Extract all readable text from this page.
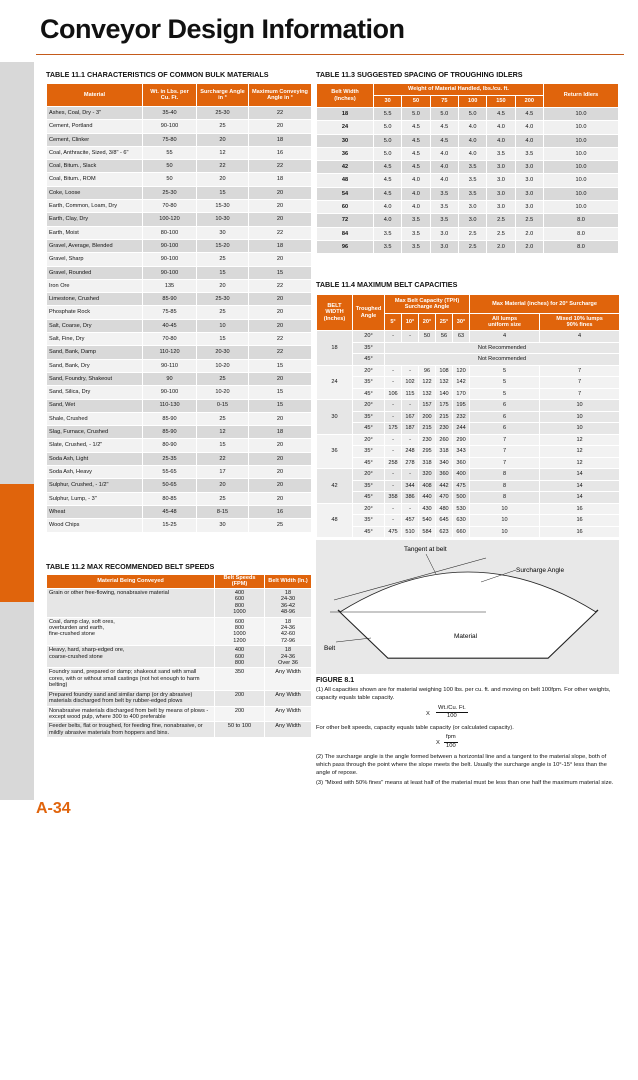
Conveyor Design Information
Conveyor Design
A-34
TABLE 11.1 CHARACTERISTICS OF COMMON BULK MATERIALS
Material	Wt. in Lbs. per Cu. Ft.	Surcharge Angle in °	Maximum Conveying Angle in °
Ashes, Coal, Dry - 3"	35-40	25-30	22
Cement, Portland	90-100	25	20
Cement, Clinker	75-80	20	18
Coal, Anthracite, Sized, 3/8" - 6"	55	12	16
Coal, Bitum., Slack	50	22	22
Coal, Bitum., ROM	50	20	18
Coke, Loose	25-30	15	20
Earth, Common, Loam, Dry	70-80	15-30	20
Earth, Clay, Dry	100-120	10-30	20
Earth, Moist	80-100	30	22
Gravel, Average, Blended	90-100	15-20	18
Gravel, Sharp	90-100	25	20
Gravel, Rounded	90-100	15	15
Iron Ore	135	20	22
Limestone, Crushed	85-90	25-30	20
Phosphate Rock	75-85	25	20
Salt, Coarse, Dry	40-45	10	20
Salt, Fine, Dry	70-80	15	22
Sand, Bank, Damp	110-120	20-30	22
Sand, Bank, Dry	90-110	10-20	15
Sand, Foundry, Shakeout	90	25	20
Sand, Silica, Dry	90-100	10-20	15
Sand, Wet	110-130	0-15	15
Shale, Crushed	85-90	25	20
Slag, Furnace, Crushed	85-90	12	18
Slate, Crushed, - 1/2"	80-90	15	20
Soda Ash, Light	25-35	22	20
Soda Ash, Heavy	55-65	17	20
Sulphur, Crushed, - 1/2"	50-65	20	20
Sulphur, Lump, - 3"	80-85	25	20
Wheat	45-48	8-15	16
Wood Chips	15-25	30	25
TABLE 11.2 MAX RECOMMENDED BELT SPEEDS
Material Being Conveyed	Belt Speeds (FPM)	Belt Width (In.)
Grain or other free-flowing, nonabrasive material	400
600
800
1000	18
24-30
36-42
48-96
Coal, damp clay, soft ores,
overburden and earth,
fine-crushed stone	600
800
1000
1200	18
24-36
42-60
72-96
Heavy, hard, sharp-edged ore,
coarse-crushed stone	400
600
800	18
24-36
Over 36
Foundry sand, prepared or damp; shakeout sand with small cores, with or without small castings (not hot enough to harm belting)	350	Any Width
Prepared foundry sand and similar damp (or dry abrasive) materials discharged from belt by rubber-edged plows	200	Any Width
Nonabrasive materials discharged from belt by means of plows -except wood pulp, where 300 to 400 preferable	200	Any Width
Feeder belts, flat or troughed, for feeding fine, nonabrasive, or mildly abrasive materials from hoppers and bins.	50 to 100	Any Width
TABLE 11.3 SUGGESTED SPACING OF TROUGHING IDLERS
Belt Width
(Inches)	Weight of Material Handled, lbs./cu. ft.						Return Idlers
	30	50	75	100	150	200	
18	5.5	5.0	5.0	5.0	4.5	4.5	10.0
24	5.0	4.5	4.5	4.0	4.0	4.0	10.0
30	5.0	4.5	4.5	4.0	4.0	4.0	10.0
36	5.0	4.5	4.0	4.0	3.5	3.5	10.0
42	4.5	4.5	4.0	3.5	3.0	3.0	10.0
48	4.5	4.0	4.0	3.5	3.0	3.0	10.0
54	4.5	4.0	3.5	3.5	3.0	3.0	10.0
60	4.0	4.0	3.5	3.0	3.0	3.0	10.0
72	4.0	3.5	3.5	3.0	2.5	2.5	8.0
84	3.5	3.5	3.0	2.5	2.5	2.0	8.0
96	3.5	3.5	3.0	2.5	2.0	2.0	8.0
TABLE 11.4 MAXIMUM BELT CAPACITIES
BELT
WIDTH
(Inches)	Troughed
Angle	Max Belt Capacity (TPH)
Surcharge Angle					Max Material (inches) for 20° Surcharge	
		5°	10°	20°	25°	30°	All lumps
uniform size	Mixed 10% lumps
90% fines
18	20°	-	-	50	56	63	4	4
	35°	Not Recommended						
	45°	Not Recommended						
24	20°	-	-	96	108	120	5	7
	35°	-	102	122	132	142	5	7
	45°	106	115	132	140	170	5	7
30	20°	-	-	157	175	195	6	10
	35°	-	167	200	215	232	6	10
	45°	175	187	215	230	244	6	10
36	20°	-	-	230	260	290	7	12
	35°	-	248	295	318	343	7	12
	45°	258	278	318	340	360	7	12
42	20°	-	-	320	360	400	8	14
	35°	-	344	408	442	475	8	14
	45°	358	386	440	470	500	8	14
48	20°	-	-	430	480	530	10	16
	35°	-	457	540	645	630	10	16
	45°	475	510	584	623	660	10	16
Tangent at belt
Surcharge Angle
Material
Belt
FIGURE 8.1

(1) All capacities shown are for material weighing 100 lbs. per cu. ft. and moving on belt 100fpm. For other weights, capacity equals table capacity.

X $\frac{Wt./Cu. Ft.}{100}$

For other belt speeds, capacity equals table capacity (or calculated capacity).

X
fpm
100

(2) The surcharge angle is the angle formed between a horizontal line and a tangent to the material slope, both of which pass through the point where the slope meets the belt. Usually the surcharge angle is 10°-15° less than the angle of repose.

(3) "Mixed with 50% fines" means at least half of the material must be less than one half the maximum material size.
